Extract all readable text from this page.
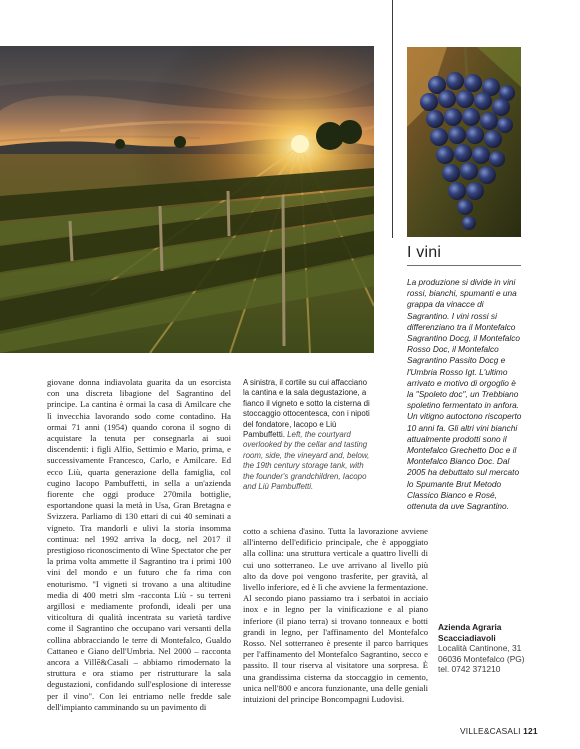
A sinistra, il cortile su cui affacciano la cantina e la sala degustazione, a fianco il vigneto e sotto la cisterna di stoccaggio ottocentesca, con i nipoti del fondatore, Iacopo e Liù Pambuffetti. Left, the courtyard overlooked by the cellar and tasting room, side, the vineyard and, below, the 19th century storage tank, with the founder's grandchildren, Iacopo and Liù Pambuffetti.

giovane donna indiavolata guarita da un esorcista con una discreta libagione del Sagrantino del principe. La cantina è ormai la casa di Amilcare che lì invecchia lavorando sodo come contadino. Ha ormai 71 anni (1954) quando corona il sogno di acquistare la tenuta per consegnarla ai suoi discendenti: i figli Alfio, Settimio e Mario, prima, e successivamente Francesco, Carlo, e Amilcare. Ed ecco Liù, quarta generazione della famiglia, col cugino Iacopo Pambuffetti, in sella a un'azienda fiorente che oggi produce 270mila bottiglie, esportandone quasi la metà in Usa, Gran Bretagna e Svizzera. Parliamo di 130 ettari di cui 40 seminati a vigneto. Tra mandorli e ulivi la storia insomma continua: nel 1992 arriva la docg, nel 2017 il prestigioso riconoscimento di Wine Spectator che per la prima volta ammette il Sagrantino tra i primi 100 vini del mondo e un futuro che fa rima con enoturismo. "I vigneti si trovano a una altitudine media di 400 metri slm -racconta Liù - su terreni argillosi e mediamente profondi, ideali per una viticoltura di qualità incentrata su varietà tardive come il Sagrantino che occupano vari versanti della collina abbracciando le terre di Montefalco, Gualdo Cattaneo e Giano dell'Umbria. Nel 2000 – racconta ancora a Villē&Casali – abbiamo rimodernato la struttura e ora stiamo per ristrutturare la sala degustazioni, confidando sull'esplosione di interesse per il vino". Con lei entriamo nelle freddе sale dell'impianto camminando su un pavimento di

cotto a schiena d'asino. Tutta la lavorazione avviene all'interno dell'edificio principale, che è appoggiato alla collina: una struttura verticale a quattro livelli di cui uno sotterraneo. Le uve arrivano al livello più alto da dove poi vengono trasferite, per gravità, al livello inferiore, ed è lì che avviene la fermentazione. Al secondo piano passiamo tra i serbatoi in acciaio inox e in legno per la vinificazione e al piano inferiore (il piano terra) si trovano tonneaux e botti grandi in legno, per l'affinamento del Montefalco Rosso. Nel sotterraneo è presente il parco barriques per l'affinamento del Montefalco Sagrantino, secco e passito. Il tour riserva al visitatore una sorpresa. È una grandissima cisterna da stoccaggio in cemento, unica nell'800 e ancora funzionante, una delle geniali intuizioni del principe Boncompagni Ludovisi.

I vini

La produzione si divide in vini rossi, bianchi, spumanti e una grappa da vinacce di Sagrantino. I vini rossi si differenziano tra il Montefalco Sagrantino Docg, il Montefalco Rosso Doc, il Montefalco Sagrantino Passito Docg e l'Umbria Rosso Igt. L'ultimo arrivato e motivo di orgoglio è la "Spoleto doc", un Trebbiano spoletino fermentato in anfora.

Un vitigno autoctono riscoperto 10 anni fa. Gli altri vini bianchi attualmente prodotti sono il Montefalco Grechetto Doc e il Montefalco Bianco Doc. Dal 2005 ha debuttato sul mercato lo Spumante Brut Metodo Classico Bianco e Rosé, ottenuta da uve Sagrantino.

Azienda Agraria
Scacciadiavoli
Località Cantinone, 31
06036 Montefalco (PG)
tel. 0742 371210
VILLE&CASALI 121
